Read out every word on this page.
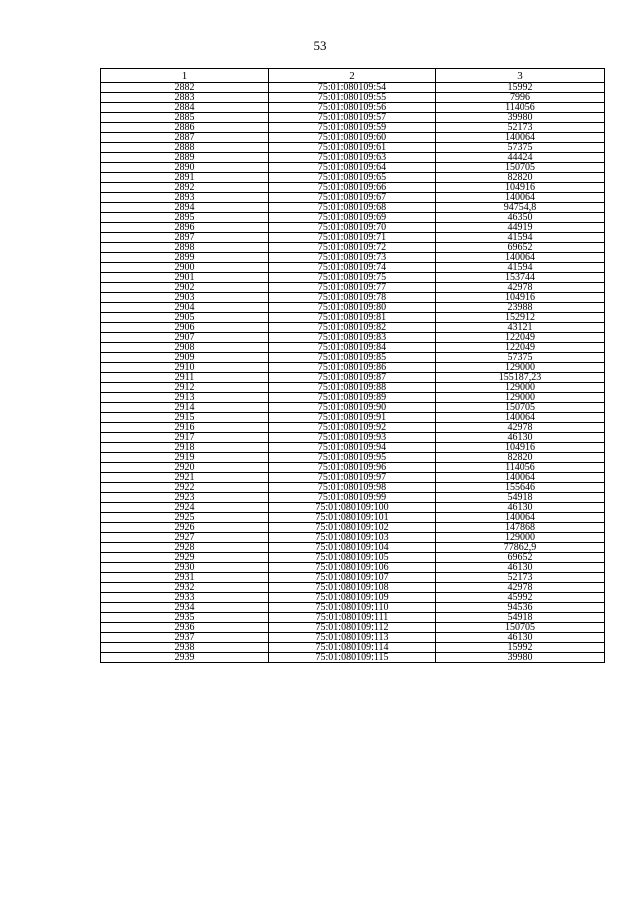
53
1	2	3
2882	75:01:080109:54	15992
2883	75:01:080109:55	7996
2884	75:01:080109:56	114056
2885	75:01:080109:57	39980
2886	75:01:080109:59	52173
2887	75:01:080109:60	140064
2888	75:01:080109:61	57375
2889	75:01:080109:63	44424
2890	75:01:080109:64	150705
2891	75:01:080109:65	82820
2892	75:01:080109:66	104916
2893	75:01:080109:67	140064
2894	75:01:080109:68	94754,8
2895	75:01:080109:69	46350
2896	75:01:080109:70	44919
2897	75:01:080109:71	41594
2898	75:01:080109:72	69652
2899	75:01:080109:73	140064
2900	75:01:080109:74	41594
2901	75:01:080109:75	153744
2902	75:01:080109:77	42978
2903	75:01:080109:78	104916
2904	75:01:080109:80	23988
2905	75:01:080109:81	152912
2906	75:01:080109:82	43121
2907	75:01:080109:83	122049
2908	75:01:080109:84	122049
2909	75:01:080109:85	57375
2910	75:01:080109:86	129000
2911	75:01:080109:87	155187,23
2912	75:01:080109:88	129000
2913	75:01:080109:89	129000
2914	75:01:080109:90	150705
2915	75:01:080109:91	140064
2916	75:01:080109:92	42978
2917	75:01:080109:93	46130
2918	75:01:080109:94	104916
2919	75:01:080109:95	82820
2920	75:01:080109:96	114056
2921	75:01:080109:97	140064
2922	75:01:080109:98	155646
2923	75:01:080109:99	54918
2924	75:01:080109:100	46130
2925	75:01:080109:101	140064
2926	75:01:080109:102	147868
2927	75:01:080109:103	129000
2928	75:01:080109:104	77862,9
2929	75:01:080109:105	69652
2930	75:01:080109:106	46130
2931	75:01:080109:107	52173
2932	75:01:080109:108	42978
2933	75:01:080109:109	45992
2934	75:01:080109:110	94536
2935	75:01:080109:111	54918
2936	75:01:080109:112	150705
2937	75:01:080109:113	46130
2938	75:01:080109:114	15992
2939	75:01:080109:115	39980
